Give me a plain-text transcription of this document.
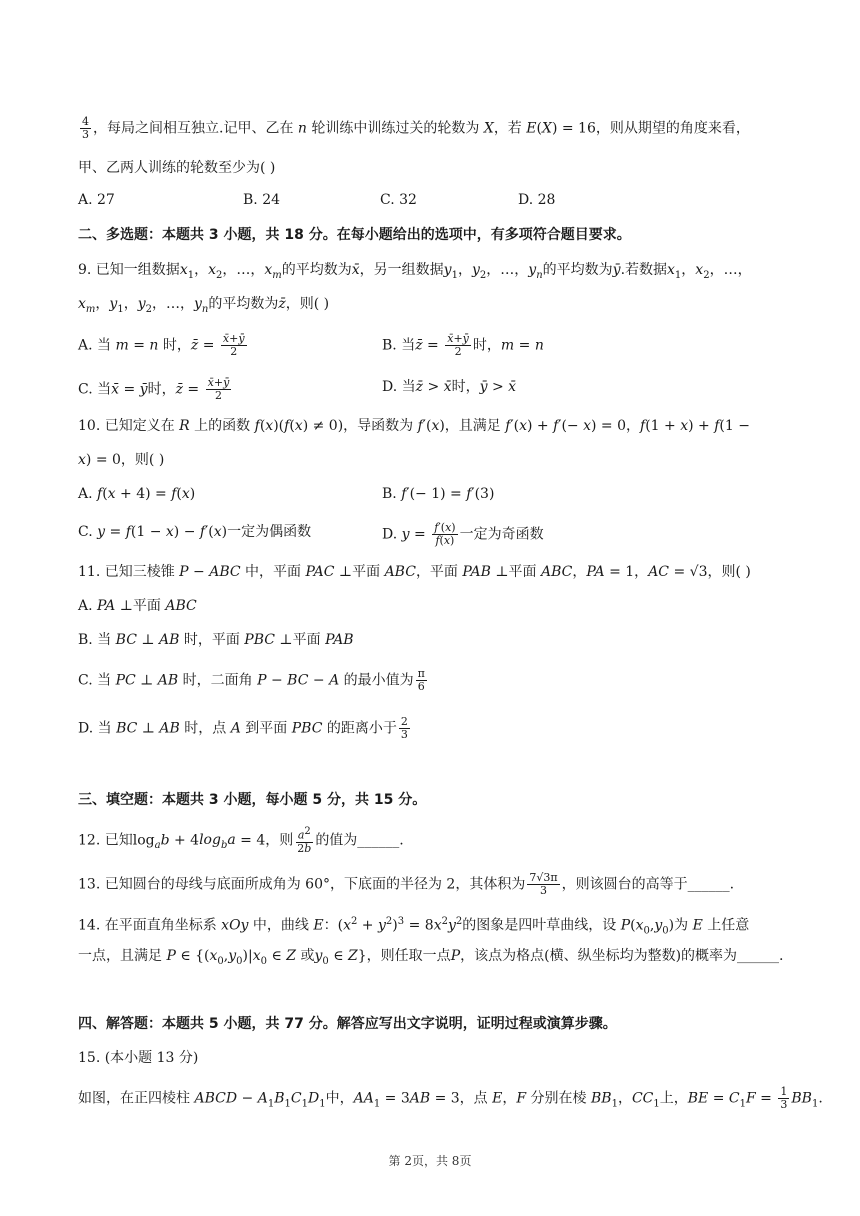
$\frac{4}{3}$ ，每局之间相互独立.记甲、乙在 n 轮训练中训练过关的轮数为 X，若 E(X) = 16，则从期望的角度来看，
甲、乙两人训练的轮数至少为( )
A. 27	B. 24	C. 32	D. 28
二、多选题：本题共 3 小题，共 18 分。在每小题给出的选项中，有多项符合题目要求。
9. 已知一组数据$x_1$，$x_2$，…，$x_m$的平均数为x̄，另一组数据$y_1$，$y_2$，…，$y_n$的平均数为ȳ.若数据$x_1$，$x_2$，…，
$x_m$，$y_1$，$y_2$，…，$y_n$的平均数为z̄，则( )
A. 当 m = n 时，z̄ = $\frac{x̄+ȳ}{2}$	B. 当z̄ = $\frac{x̄+ȳ}{2}$ 时，m = n
C. 当x̄ = ȳ时，z̄ = $\frac{x̄+ȳ}{2}$	D. 当z̄ > x̄时，ȳ > x̄
10. 已知定义在 R 上的函数 f(x)(f(x) ≠ 0)，导函数为 f′(x)，且满足 f′(x) + f′(− x) = 0，f(1 + x) + f(1 −
x) = 0，则( )
A. f(x + 4) = f(x)	B. f′(− 1) = f′(3)
C. y = f(1 − x) − f′(x)一定为偶函数	D. $y = \frac{f'(x)}{f(x)}$ 一定为奇函数
11. 已知三棱锥 P − ABC 中，平面 PAC ⊥平面 ABC，平面 PAB ⊥平面 ABC，PA = 1，AC = √3，则( )
A. PA ⊥平面 ABC
B. 当 BC ⊥ AB 时，平面 PBC ⊥平面 PAB
C. 当 PC ⊥ AB 时，二面角 P − BC − A 的最小值为 $\frac{\pi}{6}$
D. 当 BC ⊥ AB 时，点 A 到平面 PBC 的距离小于 $\frac{2}{3}$
三、填空题：本题共 3 小题，每小题 5 分，共 15 分。
12. 已知$\log_ab + 4\log_ba = 4$，则 $\frac{a^2}{2b}$ 的值为______.
13. 已知圆台的母线与底面所成角为 60°，下底面的半径为 2，其体积为 $\frac{7√3\pi}{3}$ ，则该圆台的高等于______.
14. 在平面直角坐标系 xOy 中，曲线 E：$(x^2 + y^2)^3 = 8x^2y^2$的图象是四叶草曲线，设 $P(x_0,y_0)$为 E 上任意
一点，且满足 P ∈ {$(x_0,y_0)|x_0$ ∈ Z 或$y_0$ ∈ Z}，则任取一点P，该点为格点(横、纵坐标均为整数)的概率为______.
四、解答题：本题共 5 小题，共 77 分。解答应写出文字说明，证明过程或演算步骤。
15. (本小题 13 分)
如图，在正四棱柱 ABCD − $A_1B_1C_1D_1$中，$AA_1 = 3AB = 3$，点 E，F 分别在棱 $BB_1$，$CC_1$上，BE = $C_1F = \frac{1}{3} BB_1$.
第 2页，共 8页
